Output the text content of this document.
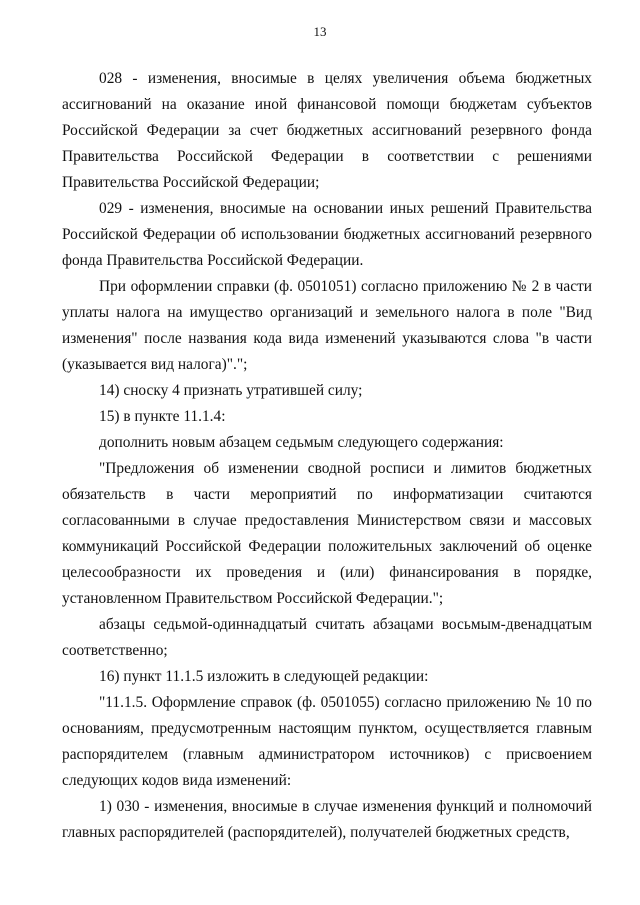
13

028 - изменения, вносимые в целях увеличения объема бюджетных ассигнований на оказание иной финансовой помощи бюджетам субъектов Российской Федерации за счет бюджетных ассигнований резервного фонда Правительства Российской Федерации в соответствии с решениями Правительства Российской Федерации;

029 - изменения, вносимые на основании иных решений Правительства Российской Федерации об использовании бюджетных ассигнований резервного фонда Правительства Российской Федерации.

При оформлении справки (ф. 0501051) согласно приложению № 2 в части уплаты налога на имущество организаций и земельного налога в поле "Вид изменения" после названия кода вида изменений указываются слова "в части (указывается вид налога)".";

14) сноску 4 признать утратившей силу;

15) в пункте 11.1.4:

дополнить новым абзацем седьмым следующего содержания:

"Предложения об изменении сводной росписи и лимитов бюджетных обязательств в части мероприятий по информатизации считаются согласованными в случае предоставления Министерством связи и массовых коммуникаций Российской Федерации положительных заключений об оценке целесообразности их проведения и (или) финансирования в порядке, установленном Правительством Российской Федерации.";

абзацы седьмой-одиннадцатый считать абзацами восьмым-двенадцатым соответственно;

16) пункт 11.1.5 изложить в следующей редакции:

"11.1.5. Оформление справок (ф. 0501055) согласно приложению № 10 по основаниям, предусмотренным настоящим пунктом, осуществляется главным распорядителем (главным администратором источников) с присвоением следующих кодов вида изменений:

1) 030 - изменения, вносимые в случае изменения функций и полномочий главных распорядителей (распорядителей), получателей бюджетных средств,
